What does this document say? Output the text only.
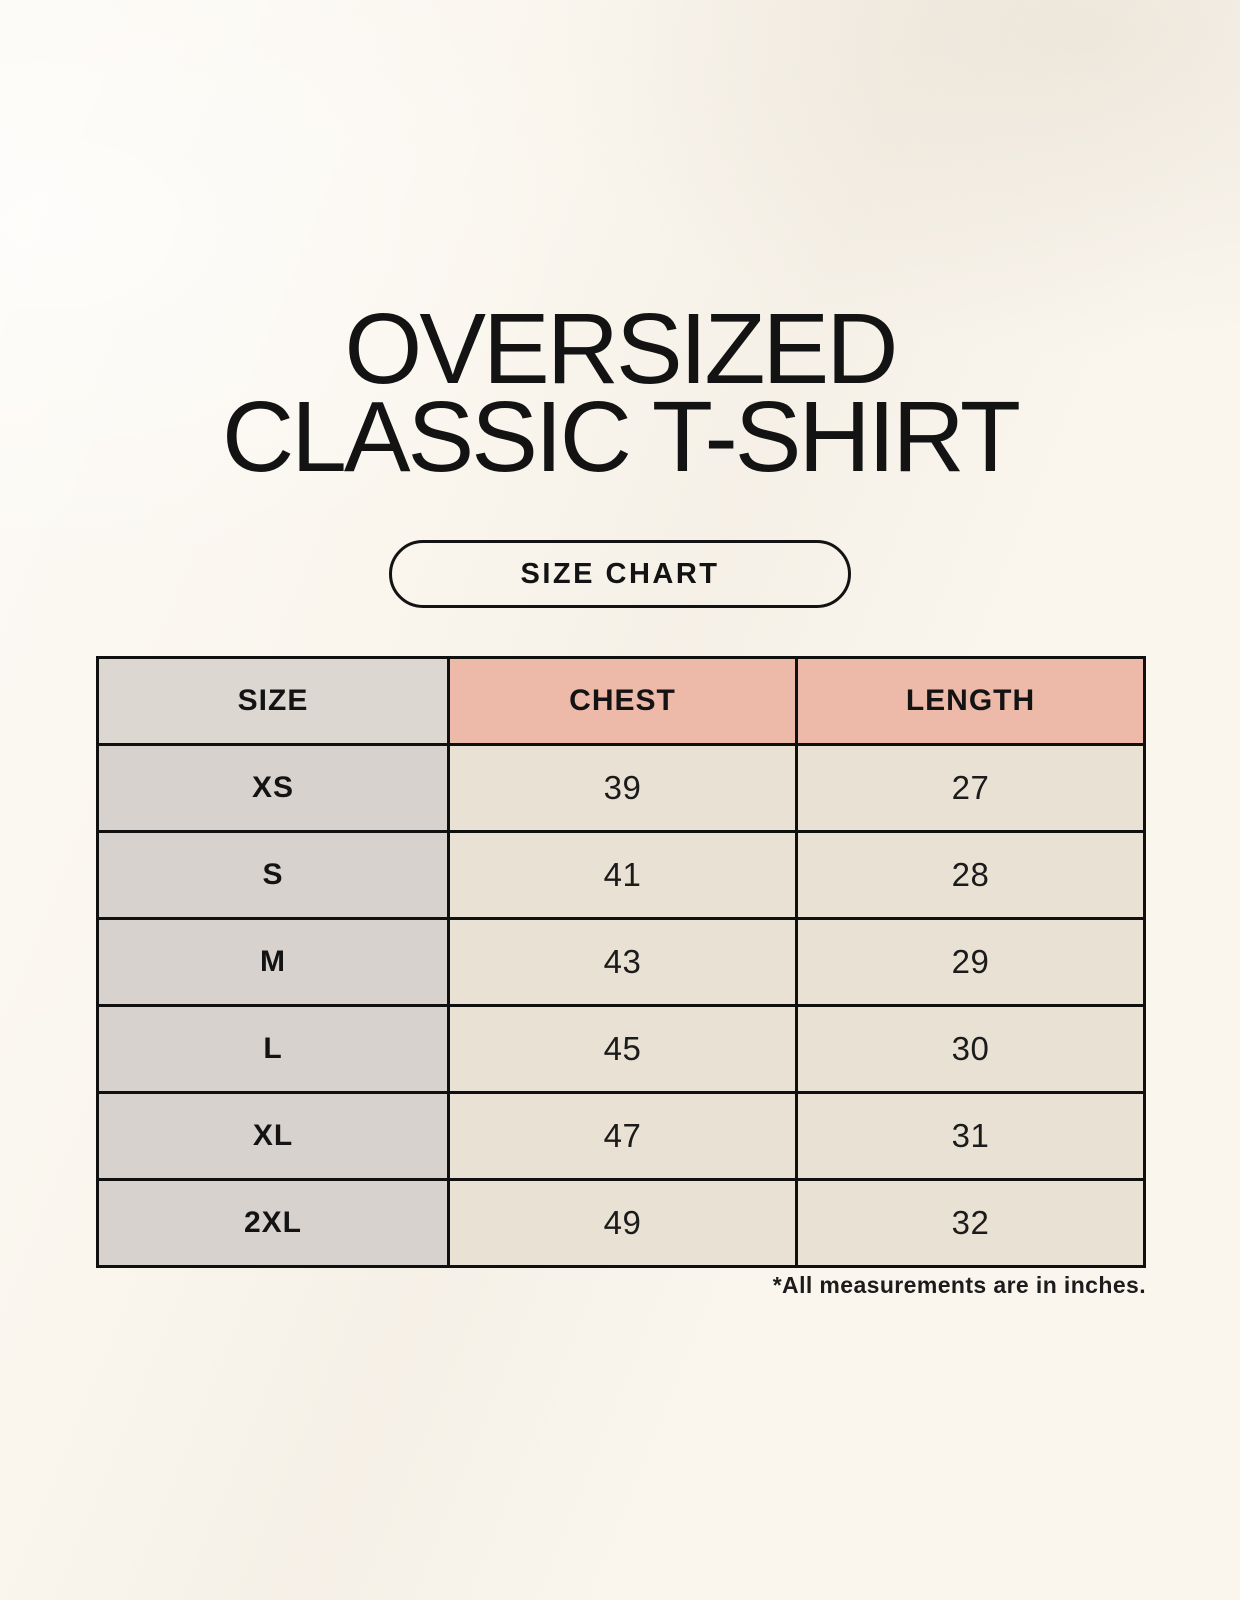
OVERSIZED
CLASSIC T-SHIRT
SIZE CHART
SIZE	CHEST	LENGTH
XS	39	27
S	41	28
M	43	29
L	45	30
XL	47	31
2XL	49	32

*All measurements are in inches.
